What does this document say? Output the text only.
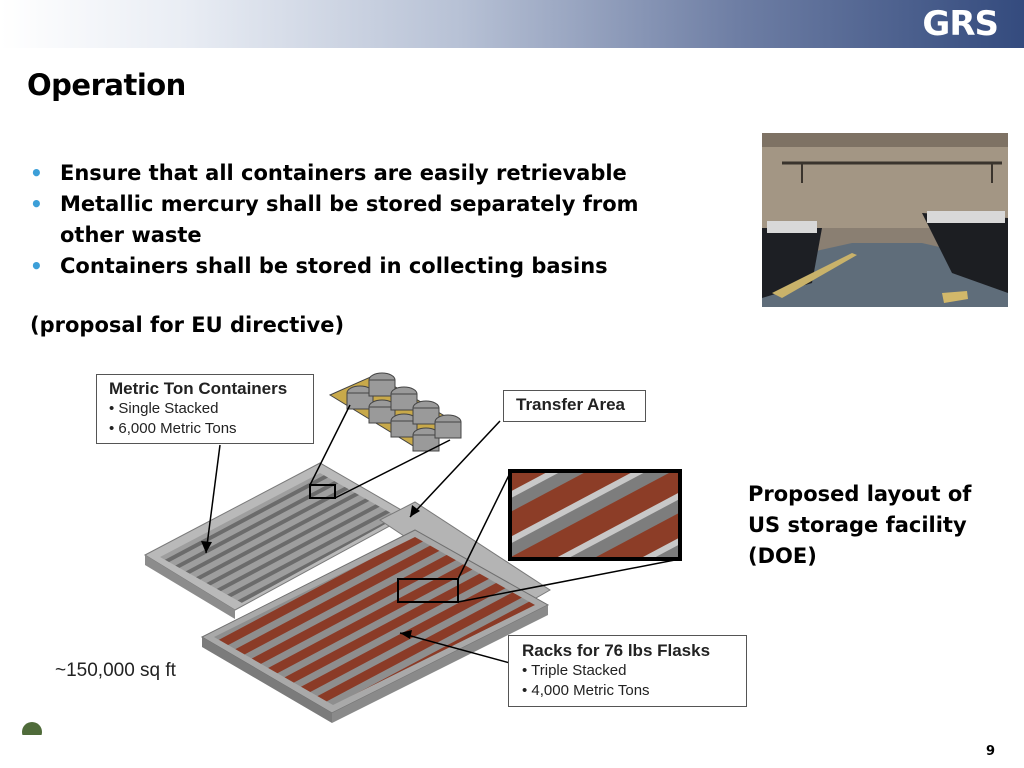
GRS
Operation
• Ensure that all containers are easily retrievable
• Metallic mercury shall be stored separately from other waste
• Containers shall be stored in collecting basins
(proposal for EU directive)
Metric Ton Containers
• Single Stacked
• 6,000 Metric Tons
Transfer Area
Racks for 76 lbs Flasks
• Triple Stacked
• 4,000 Metric Tons
~150,000 sq ft
Proposed layout of US storage facility (DOE)
9
